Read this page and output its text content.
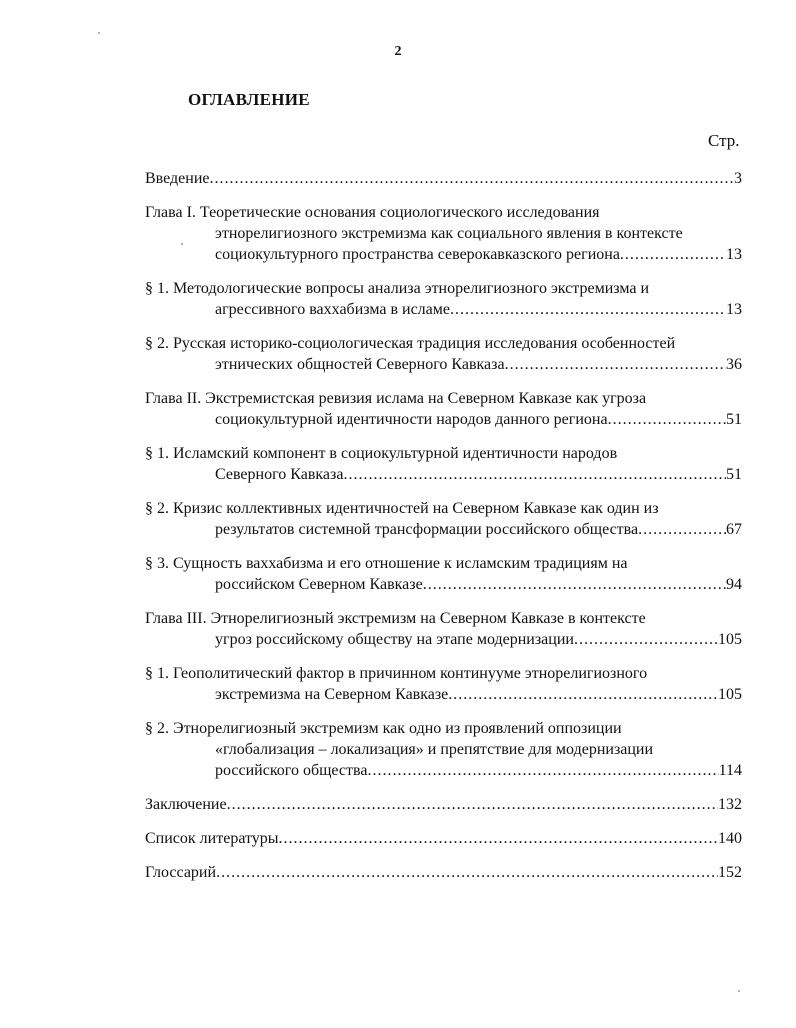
2
ОГЛАВЛЕНИЕ
Стр.
Введение .....	3
Глава I. Теоретические основания социологического исследования
этнорелигиозного экстремизма как социального явления в контексте
социокультурного пространства северокавказского региона .....	13
§ 1. Методологические вопросы анализа этнорелигиозного экстремизма и
агрессивного ваххабизма в исламе .....	13
§ 2. Русская историко-социологическая традиция исследования особенностей
этнических общностей Северного Кавказа .....	36
Глава II. Экстремистская ревизия ислама на Северном Кавказе как угроза
социокультурной идентичности народов данного региона .....	51
§ 1. Исламский компонент в социокультурной идентичности народов
Северного Кавказа .....	51
§ 2. Кризис коллективных идентичностей на Северном Кавказе как один из
результатов системной трансформации российского общества .....	67
§ 3. Сущность ваххабизма и его отношение к исламским традициям на
российском Северном Кавказе .....	94
Глава III. Этнорелигиозный экстремизм на Северном Кавказе в контексте
угроз российскому обществу на этапе модернизации .....	105
§ 1. Геополитический фактор в причинном континууме этнорелигиозного
экстремизма на Северном Кавказе .....	105
§ 2. Этнорелигиозный экстремизм как одно из проявлений оппозиции
«глобализация – локализация» и препятствие для модернизации
российского общества .....	114
Заключение .....	132
Список литературы .....	140
Глоссарий .....	152
